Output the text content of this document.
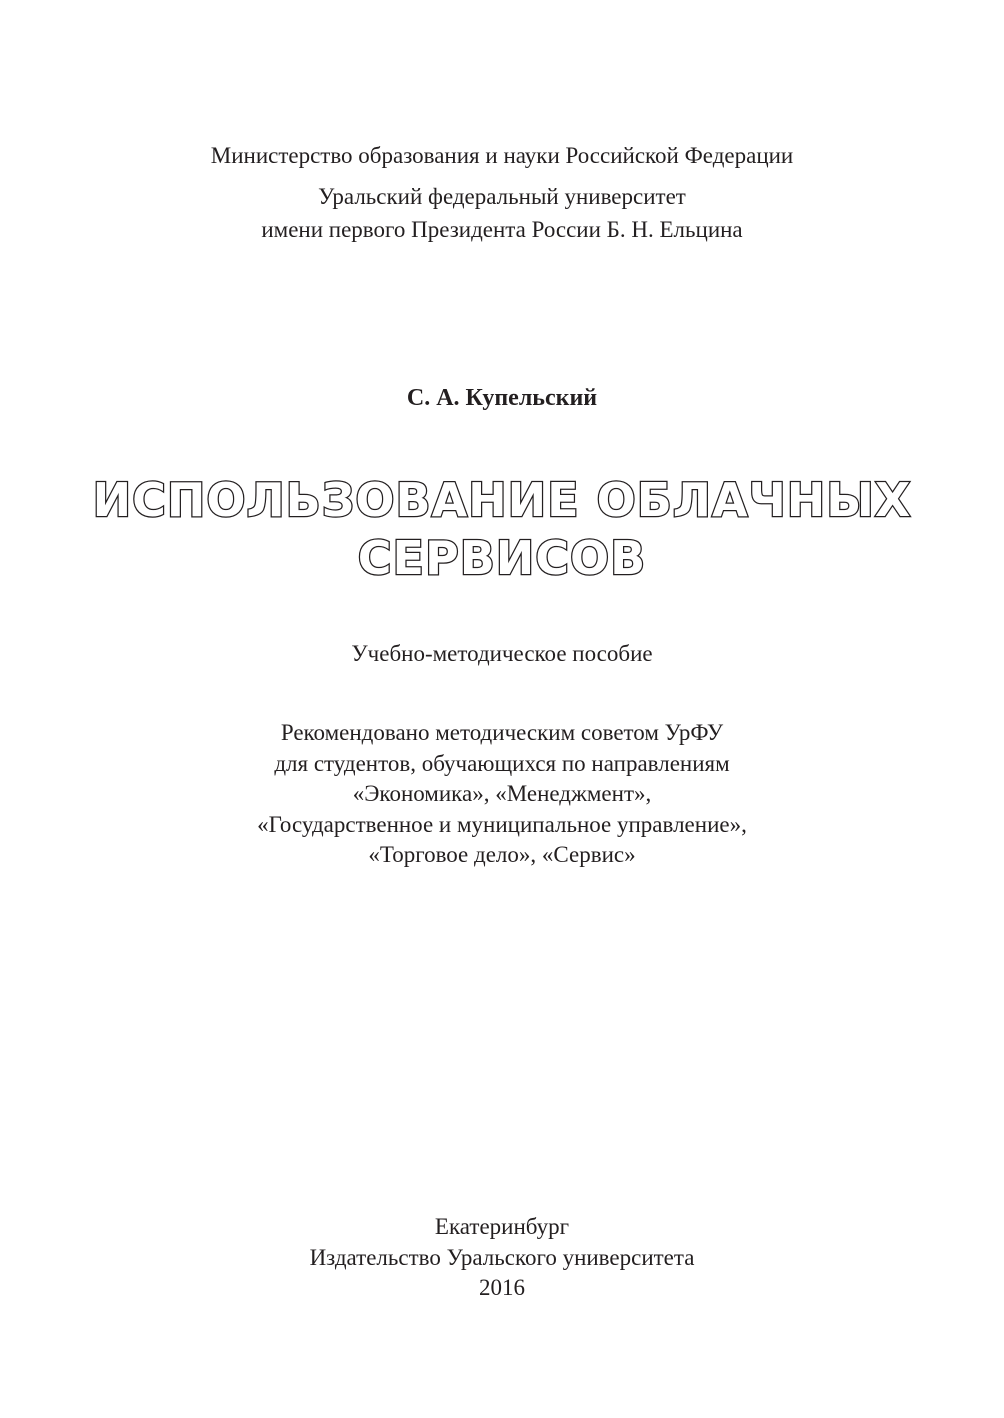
Министерство образования и науки Российской Федерации
Уральский федеральный университет
имени первого Президента России Б. Н. Ельцина
С. А. Купельский
ИСПОЛЬЗОВАНИЕ ОБЛАЧНЫХ
СЕРВИСОВ
Учебно-методическое пособие
Рекомендовано методическим советом УрФУ
для студентов, обучающихся по направлениям
«Экономика», «Менеджмент»,
«Государственное и муниципальное управление»,
«Торговое дело», «Сервис»
Екатеринбург
Издательство Уральского университета
2016
